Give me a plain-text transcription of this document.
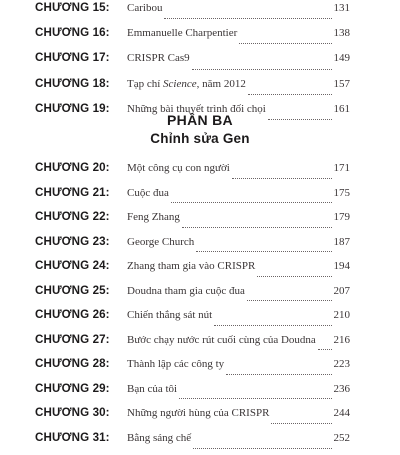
CHƯƠNG 15:	Caribou	131
CHƯƠNG 16:	Emmanuelle Charpentier	138
CHƯƠNG 17:	CRISPR Cas9	149
CHƯƠNG 18:	Tạp chí Science, năm 2012	157
CHƯƠNG 19:	Những bài thuyết trình đối chọi	161
PHẦN BA
Chỉnh sửa Gen
CHƯƠNG 20:	Một công cụ con người	171
CHƯƠNG 21:	Cuộc đua	175
CHƯƠNG 22:	Feng Zhang	179
CHƯƠNG 23:	George Church	187
CHƯƠNG 24:	Zhang tham gia vào CRISPR	194
CHƯƠNG 25:	Doudna tham gia cuộc đua	207
CHƯƠNG 26:	Chiến thắng sát nút	210
CHƯƠNG 27:	Bước chạy nước rút cuối cùng của Doudna 216
CHƯƠNG 28:	Thành lập các công ty	223
CHƯƠNG 29:	Bạn của tôi	236
CHƯƠNG 30:	Những người hùng của CRISPR	244
CHƯƠNG 31:	Bằng sáng chế	252
